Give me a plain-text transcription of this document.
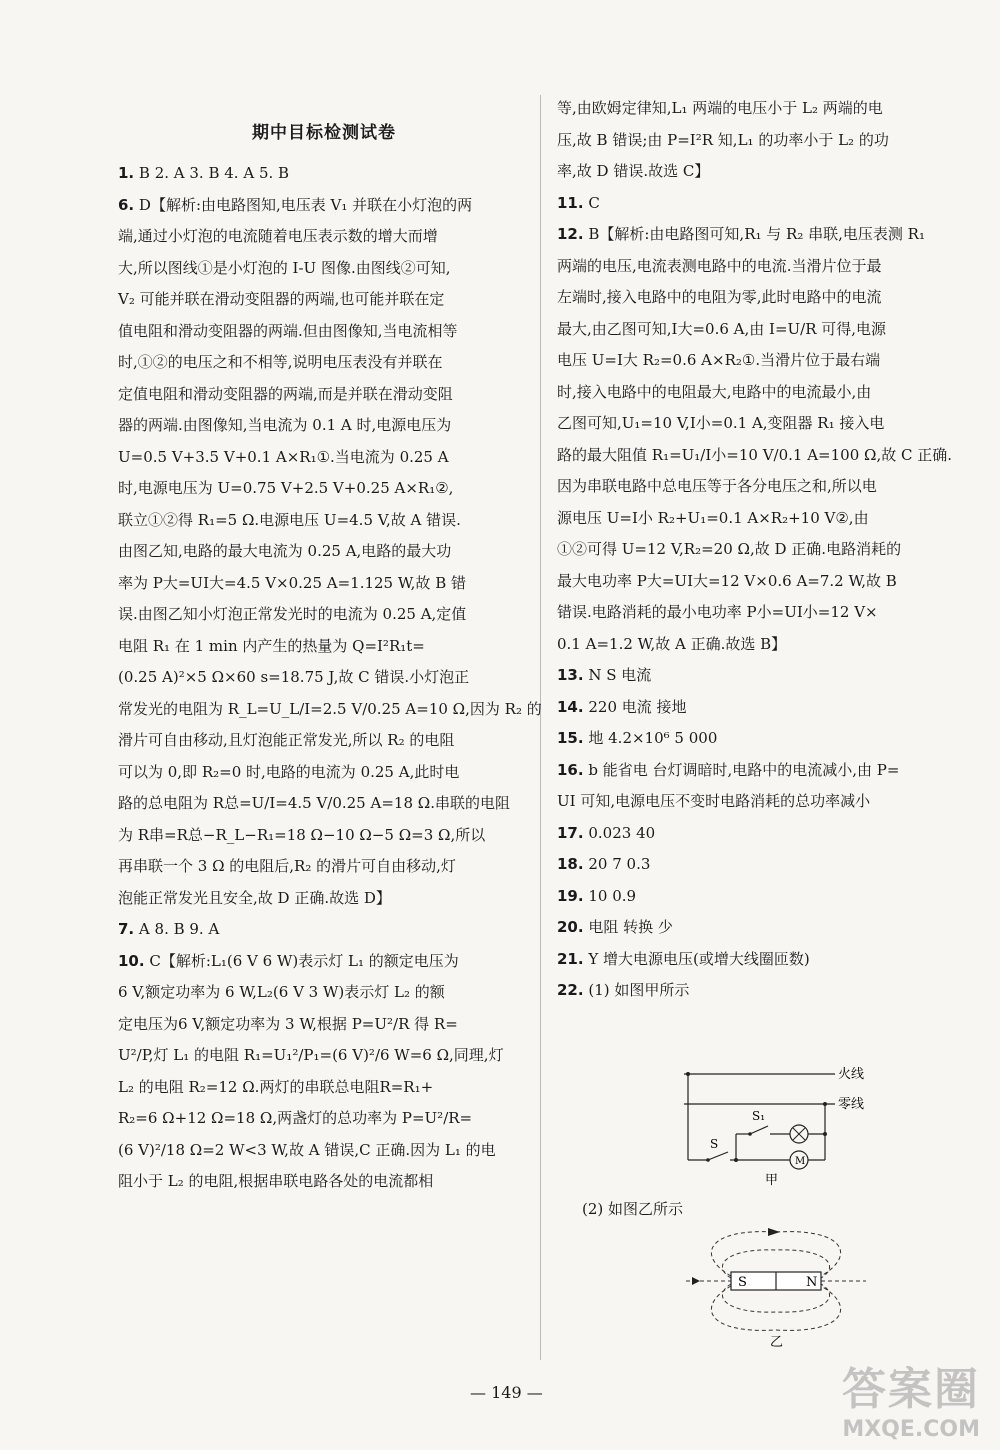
期中目标检测试卷
1. B 2. A 3. B 4. A 5. B
6. D【解析:由电路图知,电压表 V₁ 并联在小灯泡的两
端,通过小灯泡的电流随着电压表示数的增大而增
大,所以图线①是小灯泡的 I-U 图像.由图线②可知,
V₂ 可能并联在滑动变阻器的两端,也可能并联在定
值电阻和滑动变阻器的两端.但由图像知,当电流相等
时,①②的电压之和不相等,说明电压表没有并联在
定值电阻和滑动变阻器的两端,而是并联在滑动变阻
器的两端.由图像知,当电流为 0.1 A 时,电源电压为
U=0.5 V+3.5 V+0.1 A×R₁①.当电流为 0.25 A
时,电源电压为 U=0.75 V+2.5 V+0.25 A×R₁②,
联立①②得 R₁=5 Ω.电源电压 U=4.5 V,故 A 错误.
由图乙知,电路的最大电流为 0.25 A,电路的最大功
率为 P大=UI大=4.5 V×0.25 A=1.125 W,故 B 错
误.由图乙知小灯泡正常发光时的电流为 0.25 A,定值
电阻 R₁ 在 1 min 内产生的热量为 Q=I²R₁t=
(0.25 A)²×5 Ω×60 s=18.75 J,故 C 错误.小灯泡正
常发光的电阻为 R_L=U_L/I=2.5 V/0.25 A=10 Ω,因为 R₂ 的
滑片可自由移动,且灯泡能正常发光,所以 R₂ 的电阻
可以为 0,即 R₂=0 时,电路的电流为 0.25 A,此时电
路的总电阻为 R总=U/I=4.5 V/0.25 A=18 Ω.串联的电阻
为 R串=R总−R_L−R₁=18 Ω−10 Ω−5 Ω=3 Ω,所以
再串联一个 3 Ω 的电阻后,R₂ 的滑片可自由移动,灯
泡能正常发光且安全,故 D 正确.故选 D】
7. A 8. B 9. A
10. C【解析:L₁(6 V 6 W)表示灯 L₁ 的额定电压为
6 V,额定功率为 6 W,L₂(6 V 3 W)表示灯 L₂ 的额
定电压为6 V,额定功率为 3 W,根据 P=U²/R 得 R=
U²/P,灯 L₁ 的电阻 R₁=U₁²/P₁=(6 V)²/6 W=6 Ω,同理,灯
L₂ 的电阻 R₂=12 Ω.两灯的串联总电阻R=R₁+
R₂=6 Ω+12 Ω=18 Ω,两盏灯的总功率为 P=U²/R=
(6 V)²/18 Ω=2 W<3 W,故 A 错误,C 正确.因为 L₁ 的电
阻小于 L₂ 的电阻,根据串联电路各处的电流都相
等,由欧姆定律知,L₁ 两端的电压小于 L₂ 两端的电
压,故 B 错误;由 P=I²R 知,L₁ 的功率小于 L₂ 的功
率,故 D 错误.故选 C】
11. C
12. B【解析:由电路图可知,R₁ 与 R₂ 串联,电压表测 R₁
两端的电压,电流表测电路中的电流.当滑片位于最
左端时,接入电路中的电阻为零,此时电路中的电流
最大,由乙图可知,I大=0.6 A,由 I=U/R 可得,电源
电压 U=I大 R₂=0.6 A×R₂①.当滑片位于最右端
时,接入电路中的电阻最大,电路中的电流最小,由
乙图可知,U₁=10 V,I小=0.1 A,变阻器 R₁ 接入电
路的最大阻值 R₁=U₁/I小=10 V/0.1 A=100 Ω,故 C 正确.
因为串联电路中总电压等于各分电压之和,所以电
源电压 U=I小 R₂+U₁=0.1 A×R₂+10 V②,由
①②可得 U=12 V,R₂=20 Ω,故 D 正确.电路消耗的
最大电功率 P大=UI大=12 V×0.6 A=7.2 W,故 B
错误.电路消耗的最小电功率 P小=UI小=12 V×
0.1 A=1.2 W,故 A 正确.故选 B】
13. N S 电流
14. 220 电流 接地
15. 地 4.2×10⁶ 5 000
16. b 能省电 台灯调暗时,电路中的电流减小,由 P=
UI 可知,电源电压不变时电路消耗的总功率减小
17. 0.023 40
18. 20 7 0.3
19. 10 0.9
20. 电阻 转换 少
21. Y 增大电源电压(或增大线圈匝数)
22. (1) 如图甲所示
火线
零线
S₁
S
M
甲
(2) 如图乙所示
S	N
乙
— 149 —	答案圈
MXQE.COM
